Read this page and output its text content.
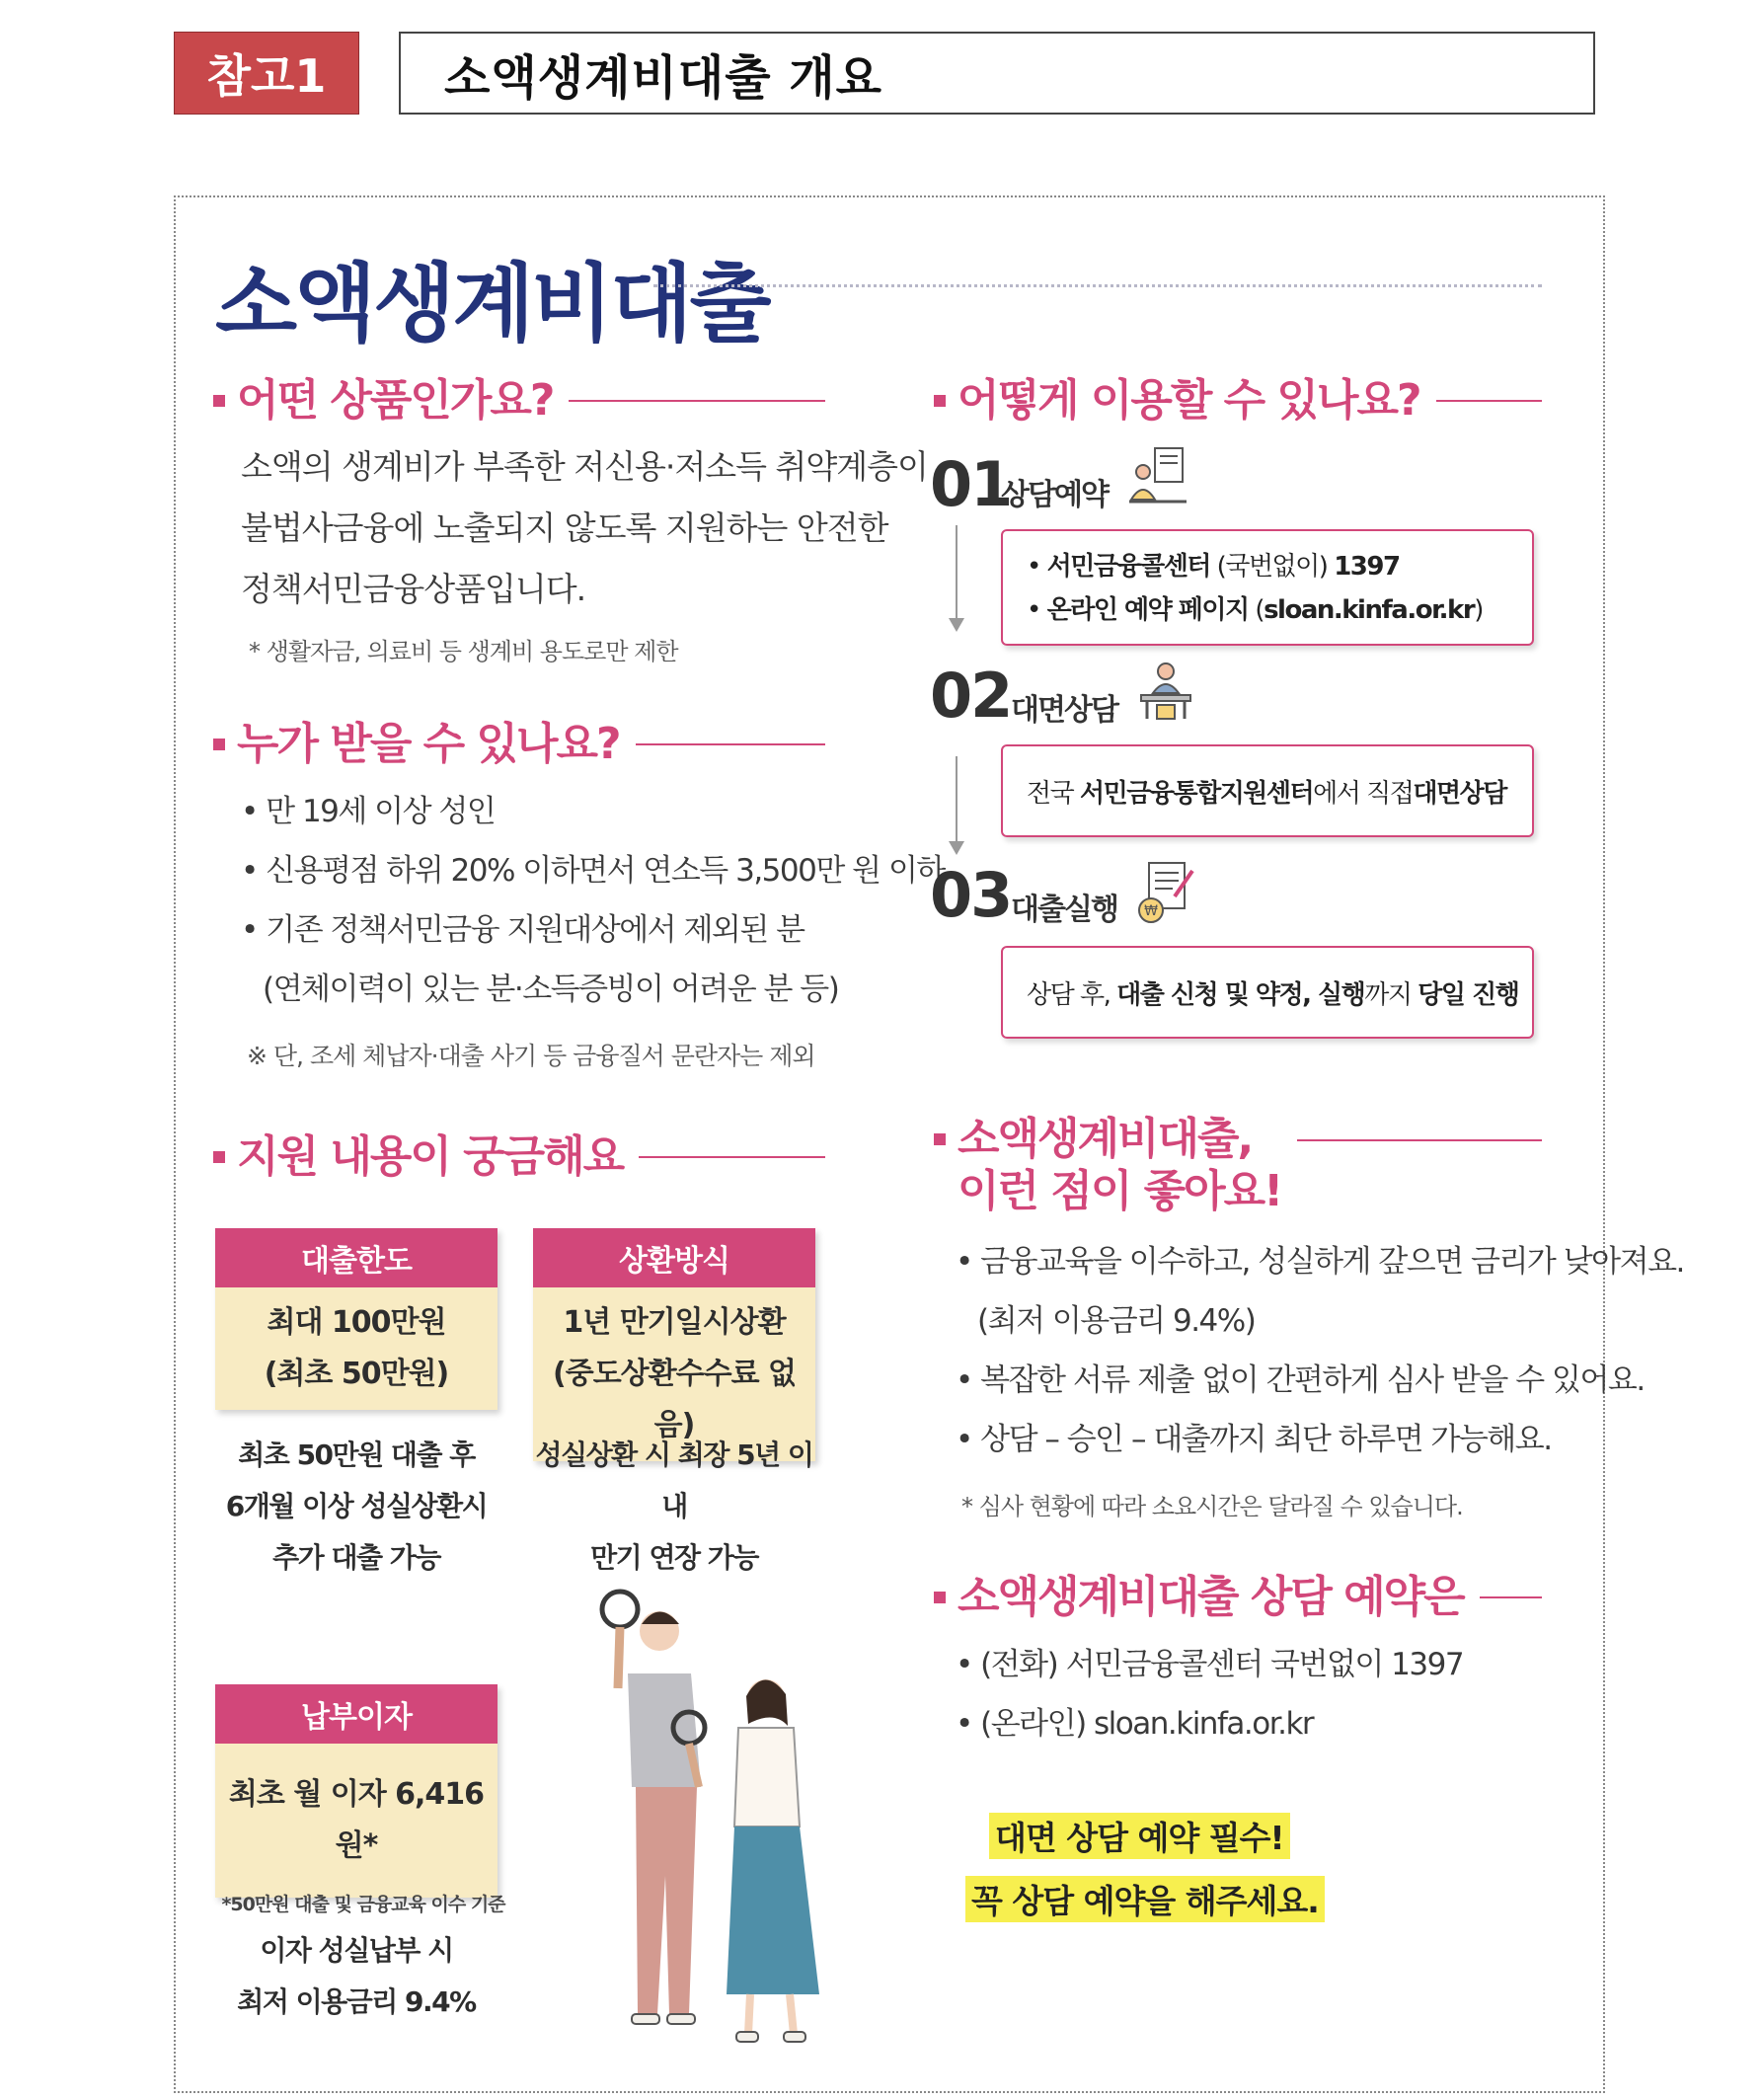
참고1	소액생계비대출 개요
소액생계비대출
어떤 상품인가요?
소액의 생계비가 부족한 저신용·저소득 취약계층이
불법사금융에 노출되지 않도록 지원하는 안전한
정책서민금융상품입니다.
* 생활자금, 의료비 등 생계비 용도로만 제한
누가 받을 수 있나요?
• 만 19세 이상 성인
• 신용평점 하위 20% 이하면서 연소득 3,500만 원 이하
• 기존 정책서민금융 지원대상에서 제외된 분
(연체이력이 있는 분·소득증빙이 어려운 분 등)
※ 단, 조세 체납자·대출 사기 등 금융질서 문란자는 제외
지원 내용이 궁금해요
대출한도
최대 100만원
(최초 50만원)
최초 50만원 대출 후
6개월 이상 성실상환시
추가 대출 가능
상환방식
1년 만기일시상환
(중도상환수수료 없음)
성실상환 시 최장 5년 이내
만기 연장 가능
납부이자
최초 월 이자 6,416원*
*50만원 대출 및 금융교육 이수 기준
이자 성실납부 시
최저 이용금리 9.4%
어떻게 이용할 수 있나요?
01
상담예약
• 서민금융콜센터 (국번없이) 1397
• 온라인 예약 페이지 (sloan.kinfa.or.kr)
02 대면상담
전국 서민금융통합지원센터에서 직접대면상담
03 대출실행 ₩
상담 후, 대출 신청 및 약정, 실행까지 당일 진행
소액생계비대출,
이런 점이 좋아요!
• 금융교육을 이수하고, 성실하게 갚으면 금리가 낮아져요.
(최저 이용금리 9.4%)
• 복잡한 서류 제출 없이 간편하게 심사 받을 수 있어요.
• 상담 – 승인 – 대출까지 최단 하루면 가능해요.
* 심사 현황에 따라 소요시간은 달라질 수 있습니다.
소액생계비대출 상담 예약은
• (전화) 서민금융콜센터 국번없이 1397
• (온라인) sloan.kinfa.or.kr
대면 상담 예약 필수!
꼭 상담 예약을 해주세요.
